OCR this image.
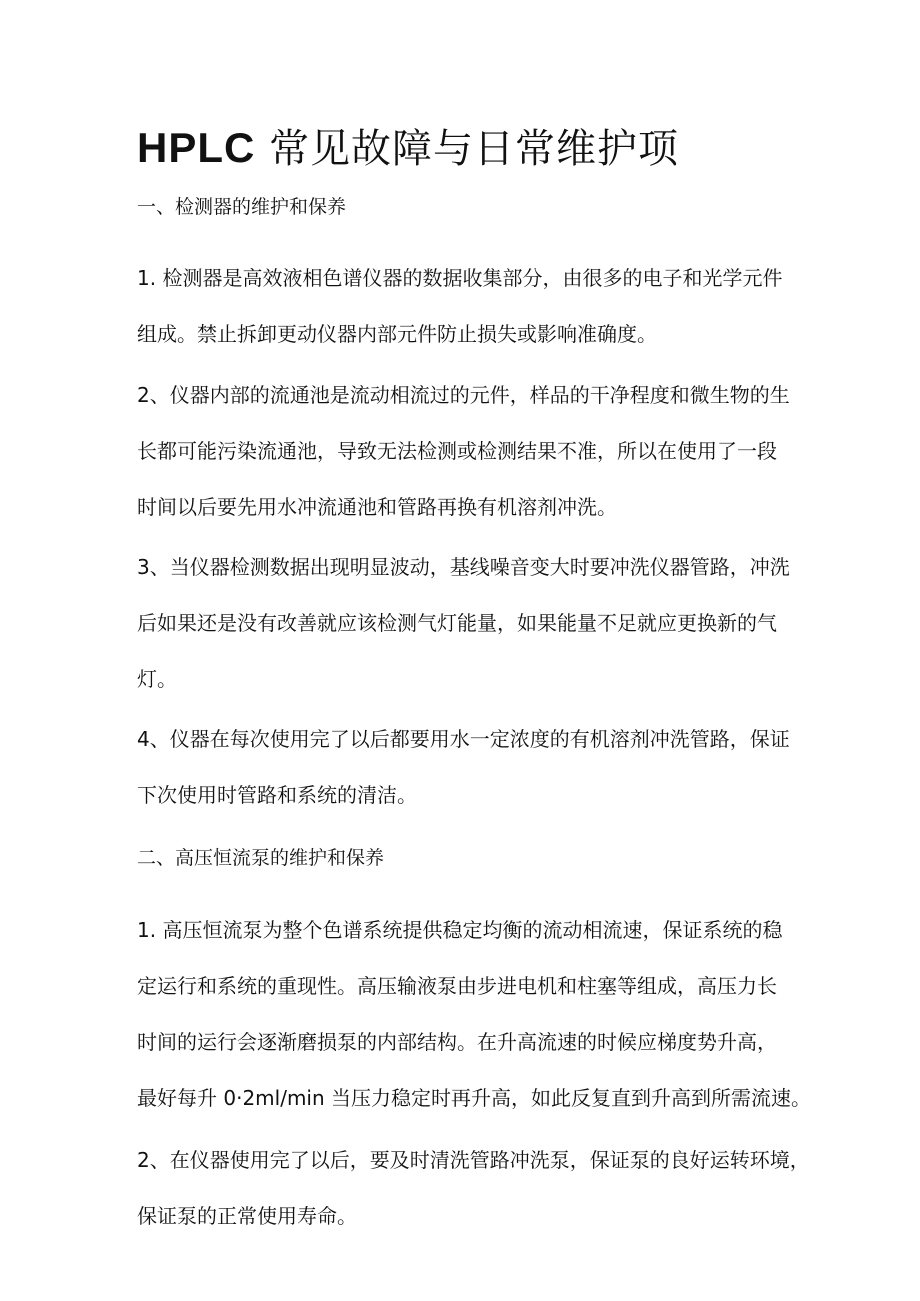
HPLC 常见故障与日常维护项
一、检测器的维护和保养
1. 检测器是高效液相色谱仪器的数据收集部分，由很多的电子和光学元件
组成。禁止拆卸更动仪器内部元件防止损失或影响准确度。
2、仪器内部的流通池是流动相流过的元件，样品的干净程度和微生物的生
长都可能污染流通池，导致无法检测或检测结果不准，所以在使用了一段
时间以后要先用水冲流通池和管路再换有机溶剂冲洗。
3、当仪器检测数据出现明显波动，基线噪音变大时要冲洗仪器管路，冲洗
后如果还是没有改善就应该检测气灯能量，如果能量不足就应更换新的气
灯。
4、仪器在每次使用完了以后都要用水一定浓度的有机溶剂冲洗管路，保证
下次使用时管路和系统的清洁。
二、高压恒流泵的维护和保养
1. 高压恒流泵为整个色谱系统提供稳定均衡的流动相流速，保证系统的稳
定运行和系统的重现性。高压输液泵由步进电机和柱塞等组成，高压力长
时间的运行会逐渐磨损泵的内部结构。在升高流速的时候应梯度势升高，
最好每升 0·2ml/min 当压力稳定时再升高，如此反复直到升高到所需流速。
2、在仪器使用完了以后，要及时清洗管路冲洗泵，保证泵的良好运转环境，
保证泵的正常使用寿命。
